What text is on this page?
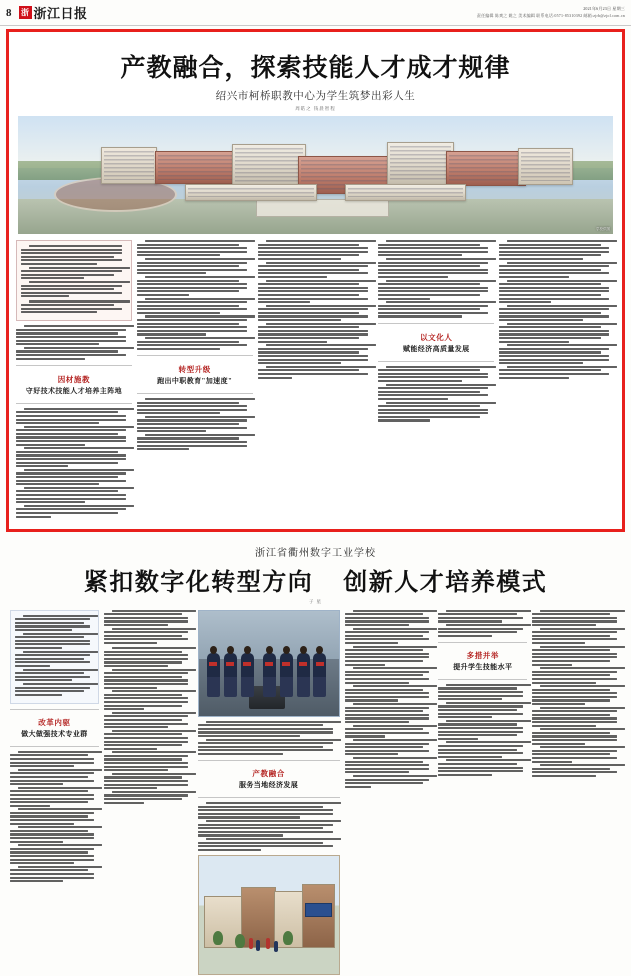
8	浙 浙江日报	2021年6月23日 星期三
责任编辑 陈爽之 姚之 美术编辑 联系电话:0571-85310392 邮箱:zjrb@zjol.com.cn
产教融合，探索技能人才成才规律
绍兴市柯桥职教中心为学生筑梦出彩人生
周皓之 钱晨智程
学校供图
因材施教
守好技术技能人才培养主阵地
转型升级
跑出中职教育"加速度"
以文化人
赋能经济高质量发展
浙江省衢州数字工业学校
紧扣数字化转型方向 创新人才培养模式
子 星
改革内驱
做大做强技术专业群
产教融合
服务当地经济发展
多措并举
提升学生技能水平
